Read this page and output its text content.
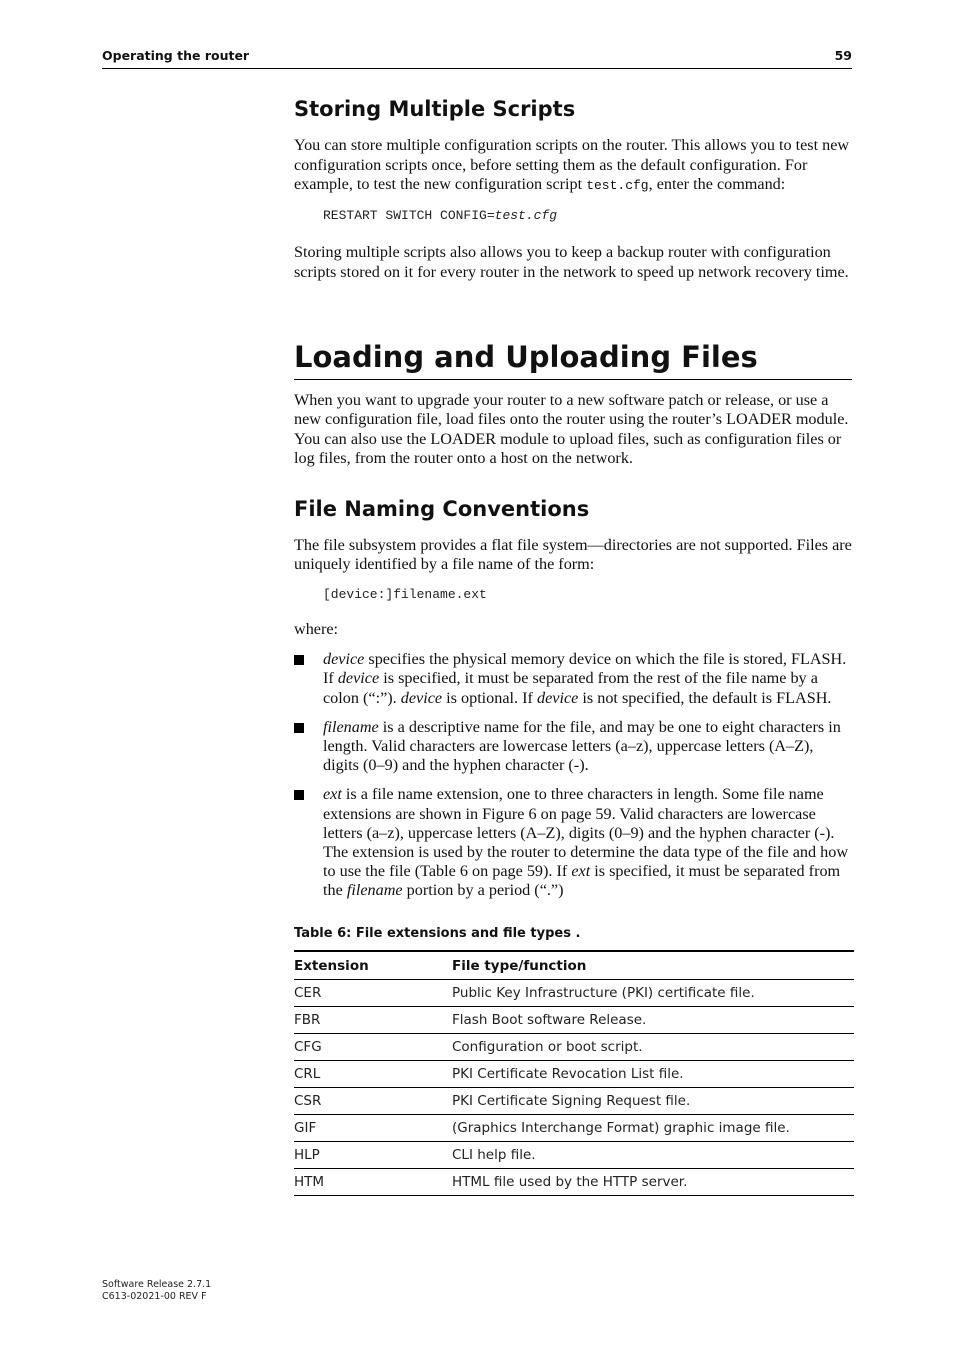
Operating the router	59
Storing Multiple Scripts

You can store multiple configuration scripts on the router. This allows you to test new configuration scripts once, before setting them as the default configuration. For example, to test the new configuration script test.cfg, enter the command:

RESTART SWITCH CONFIG=test.cfg

Storing multiple scripts also allows you to keep a backup router with configuration scripts stored on it for every router in the network to speed up network recovery time.

Loading and Uploading Files

When you want to upgrade your router to a new software patch or release, or use a new configuration file, load files onto the router using the router’s LOADER module. You can also use the LOADER module to upload files, such as configuration files or log files, from the router onto a host on the network.

File Naming Conventions

The file subsystem provides a flat file system—directories are not supported. Files are uniquely identified by a file name of the form:

[device:]filename.ext

where:

device specifies the physical memory device on which the file is stored, FLASH. If device is specified, it must be separated from the rest of the file name by a colon (“:”). device is optional. If device is not specified, the default is FLASH.
filename is a descriptive name for the file, and may be one to eight characters in length. Valid characters are lowercase letters (a–z), uppercase letters (A–Z), digits (0–9) and the hyphen character (-).
ext is a file name extension, one to three characters in length. Some file name extensions are shown in Figure 6 on page 59. Valid characters are lowercase letters (a–z), uppercase letters (A–Z), digits (0–9) and the hyphen character (-). The extension is used by the router to determine the data type of the file and how to use the file (Table 6 on page 59). If ext is specified, it must be separated from the filename portion by a period (“.”)

Table 6: File extensions and file types .

Extension	File type/function
CER	Public Key Infrastructure (PKI) certificate file.
FBR	Flash Boot software Release.
CFG	Configuration or boot script.
CRL	PKI Certificate Revocation List file.
CSR	PKI Certificate Signing Request file.
GIF	(Graphics Interchange Format) graphic image file.
HLP	CLI help file.
HTM	HTML file used by the HTTP server.
Software Release 2.7.1
C613-02021-00 REV F
